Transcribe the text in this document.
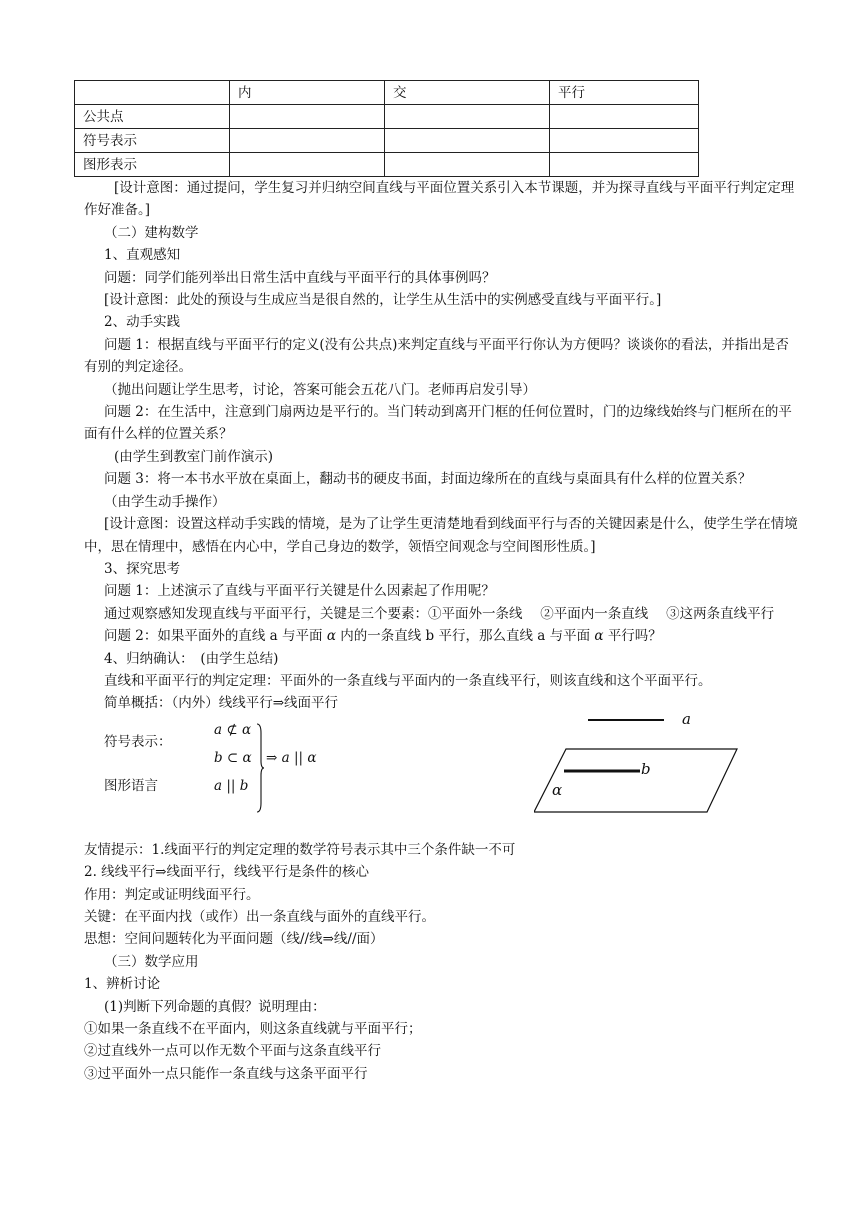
	内	交	平行
公共点			
符号表示			
图形表示			

[设计意图：通过提问，学生复习并归纳空间直线与平面位置关系引入本节课题，并为探寻直线与平面平行判定定理作好准备。]

（二）建构数学

1、直观感知

问题：同学们能列举出日常生活中直线与平面平行的具体事例吗？

[设计意图：此处的预设与生成应当是很自然的，让学生从生活中的实例感受直线与平面平行。]

2、动手实践

问题 1：根据直线与平面平行的定义(没有公共点)来判定直线与平面平行你认为方便吗？谈谈你的看法，并指出是否有别的判定途径。

（抛出问题让学生思考，讨论，答案可能会五花八门。老师再启发引导）

问题 2：在生活中，注意到门扇两边是平行的。当门转动到离开门框的任何位置时，门的边缘线始终与门框所在的平面有什么样的位置关系？

(由学生到教室门前作演示)

问题 3：将一本书水平放在桌面上，翻动书的硬皮书面，封面边缘所在的直线与桌面具有什么样的位置关系？

（由学生动手操作）

[设计意图：设置这样动手实践的情境，是为了让学生更清楚地看到线面平行与否的关键因素是什么，使学生学在情境中，思在情理中，感悟在内心中，学自己身边的数学，领悟空间观念与空间图形性质。]

3、探究思考

问题 1：上述演示了直线与平面平行关键是什么因素起了作用呢？

通过观察感知发现直线与平面平行，关键是三个要素：①平面外一条线　 ②平面内一条直线　 ③这两条直线平行

问题 2：如果平面外的直线 a 与平面 α 内的一条直线 b 平行，那么直线 a 与平面 α 平行吗？

4、归纳确认：　(由学生总结)

直线和平面平行的判定定理：平面外的一条直线与平面内的一条直线平行，则该直线和这个平面平行。

简单概括：（内外）线线平行⇒线面平行

符号表示：
图形语言
a ⊄ α
b ⊂ α
a || b
⇒ a || α
a
b
α

友情提示：1.线面平行的判定定理的数学符号表示其中三个条件缺一不可

2. 线线平行⇒线面平行，线线平行是条件的核心

作用：判定或证明线面平行。

关键：在平面内找（或作）出一条直线与面外的直线平行。

思想：空间问题转化为平面问题（线//线⇒线//面）

（三）数学应用

1、辨析讨论

(1)判断下列命题的真假？说明理由：

①如果一条直线不在平面内，则这条直线就与平面平行；

②过直线外一点可以作无数个平面与这条直线平行

③过平面外一点只能作一条直线与这条平面平行
